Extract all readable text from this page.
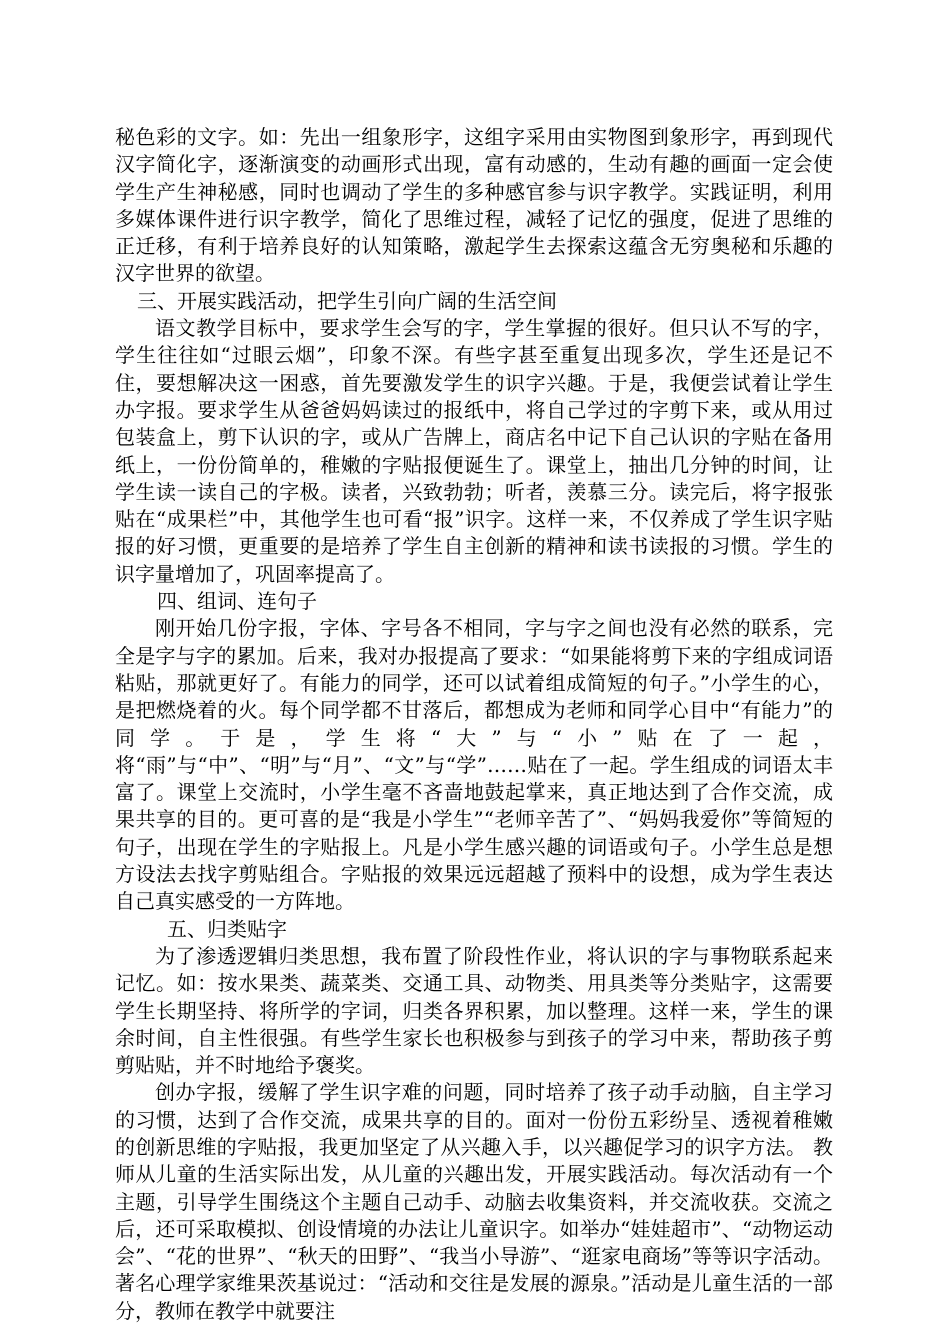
秘色彩的文字。如：先出一组象形字，这组字采用由实物图到象形字，再到现代汉字简化字，逐渐演变的动画形式出现，富有动感的，生动有趣的画面一定会使学生产生神秘感，同时也调动了学生的多种感官参与识字教学。实践证明，利用多媒体课件进行识字教学，简化了思维过程，减轻了记忆的强度，促进了思维的正迁移，有利于培养良好的认知策略，激起学生去探索这蕴含无穷奥秘和乐趣的汉字世界的欲望。

三、开展实践活动，把学生引向广阔的生活空间

语文教学目标中，要求学生会写的字，学生掌握的很好。但只认不写的字，学生往往如“过眼云烟”，印象不深。有些字甚至重复出现多次，学生还是记不住，要想解决这一困惑，首先要激发学生的识字兴趣。于是，我便尝试着让学生办字报。要求学生从爸爸妈妈读过的报纸中，将自己学过的字剪下来，或从用过包装盒上，剪下认识的字，或从广告牌上，商店名中记下自己认识的字贴在备用纸上，一份份简单的，稚嫩的字贴报便诞生了。课堂上，抽出几分钟的时间，让学生读一读自己的字极。读者，兴致勃勃；听者，羡慕三分。读完后，将字报张贴在“成果栏”中，其他学生也可看“报”识字。这样一来，不仅养成了学生识字贴报的好习惯，更重要的是培养了学生自主创新的精神和读书读报的习惯。学生的识字量增加了，巩固率提高了。

四、组词、连句子

刚开始几份字报，字体、字号各不相同，字与字之间也没有必然的联系，完全是字与字的累加。后来，我对办报提高了要求：“如果能将剪下来的字组成词语粘贴，那就更好了。有能力的同学，还可以试着组成简短的句子。”小学生的心，是把燃烧着的火。每个同学都不甘落后，都想成为老师和同学心目中“有能力”的同学。于是，学生将“大”与“小”贴在了一起，将“雨”与“中”、“明”与“月”、“文”与“学”……贴在了一起。学生组成的词语太丰富了。课堂上交流时，小学生毫不吝啬地鼓起掌来，真正地达到了合作交流，成果共享的目的。更可喜的是“我是小学生”“老师辛苦了”、“妈妈我爱你”等简短的句子，出现在学生的字贴报上。凡是小学生感兴趣的词语或句子。小学生总是想方设法去找字剪贴组合。字贴报的效果远远超越了预料中的设想，成为学生表达自己真实感受的一方阵地。

五、归类贴字

为了渗透逻辑归类思想，我布置了阶段性作业，将认识的字与事物联系起来记忆。如：按水果类、蔬菜类、交通工具、动物类、用具类等分类贴字，这需要学生长期坚持、将所学的字词，归类各界积累，加以整理。这样一来，学生的课余时间，自主性很强。有些学生家长也积极参与到孩子的学习中来，帮助孩子剪剪贴贴，并不时地给予褒奖。

创办字报，缓解了学生识字难的问题，同时培养了孩子动手动脑，自主学习的习惯，达到了合作交流，成果共享的目的。面对一份份五彩纷呈、透视着稚嫩的创新思维的字贴报，我更加坚定了从兴趣入手，以兴趣促学习的识字方法。 教师从儿童的生活实际出发，从儿童的兴趣出发，开展实践活动。每次活动有一个主题，引导学生围绕这个主题自己动手、动脑去收集资料，并交流收获。交流之后，还可采取模拟、创设情境的办法让儿童识字。如举办“娃娃超市”、“动物运动会”、“花的世界”、“秋天的田野”、“我当小导游”、“逛家电商场”等等识字活动。著名心理学家维果茨基说过：“活动和交往是发展的源泉。”活动是儿童生活的一部分，教师在教学中就要注
